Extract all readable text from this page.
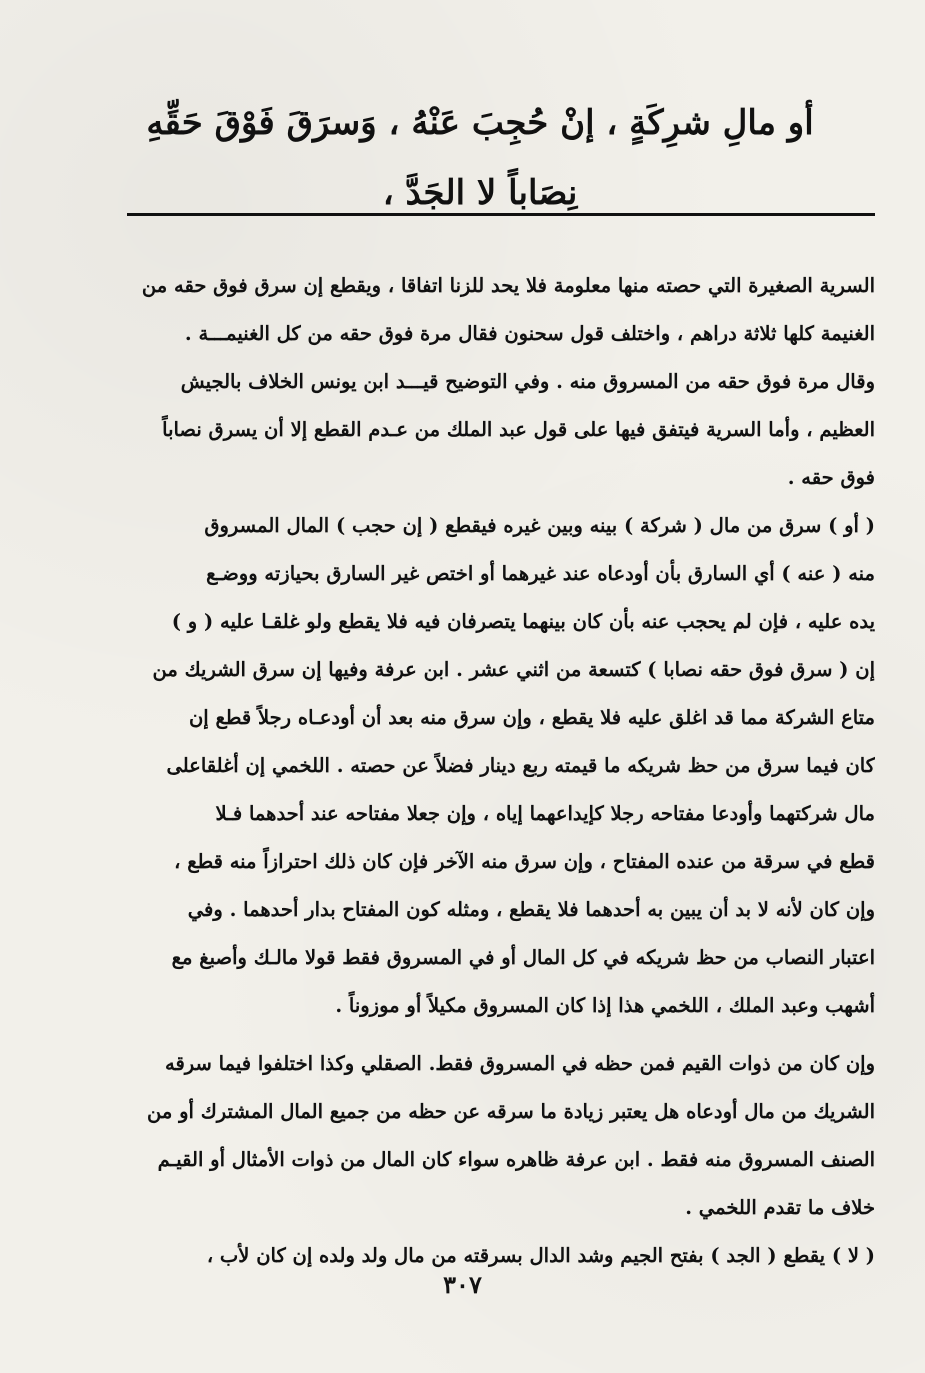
أو مالِ شرِكَةٍ ، إنْ حُجِبَ عَنْهُ ، وَسرَقَ فَوْقَ حَقِّهِ
نِصَاباً لا الجَدَّ ،
السرية الصغيرة التي حصته منها معلومة فلا يحد للزنا اتفاقا ، ويقطع إن سرق فوق حقه من
الغنيمة كلها ثلاثة دراهم ، واختلف قول سحنون فقال مرة فوق حقه من كل الغنيمـــة .
وقال مرة فوق حقه من المسروق منه . وفي التوضيح قيـــد ابن يونس الخلاف بالجيش
العظيم ، وأما السرية فيتفق فيها على قول عبد الملك من عـدم القطع إلا أن يسرق نصاباً
فوق حقه .
( أو ) سرق من مال ( شركة ) بينه وبين غيره فيقطع ( إن حجب ) المال المسروق
منه ( عنه ) أي السارق بأن أودعاه عند غيرهما أو اختص غير السارق بحيازته ووضـع
يده عليه ، فإن لم يحجب عنه بأن كان بينهما يتصرفان فيه فلا يقطع ولو غلقـا عليه ( و )
إن ( سرق فوق حقه نصابا ) كتسعة من اثني عشر . ابن عرفة وفيها إن سرق الشريك من
متاع الشركة مما قد اغلق عليه فلا يقطع ، وإن سرق منه بعد أن أودعـاه رجلاً قطع إن
كان فيما سرق من حظ شريكه ما قيمته ربع دينار فضلاً عن حصته . اللخمي إن أغلقاعلى
مال شركتهما وأودعا مفتاحه رجلا كإيداعهما إياه ، وإن جعلا مفتاحه عند أحدهما فـلا
قطع في سرقة من عنده المفتاح ، وإن سرق منه الآخر فإن كان ذلك احترازاً منه قطع ،
وإن كان لأنه لا بد أن يبين به أحدهما فلا يقطع ، ومثله كون المفتاح بدار أحدهما . وفي
اعتبار النصاب من حظ شريكه في كل المال أو في المسروق فقط قولا مالـك وأصبغ مع
أشهب وعبد الملك ، اللخمي هذا إذا كان المسروق مكيلاً أو موزوناً .
وإن كان من ذوات القيم فمن حظه في المسروق فقط. الصقلي وكذا اختلفوا فيما سرقه
الشريك من مال أودعاه هل يعتبر زيادة ما سرقه عن حظه من جميع المال المشترك أو من
الصنف المسروق منه فقط . ابن عرفة ظاهره سواء كان المال من ذوات الأمثال أو القيـم
خلاف ما تقدم اللخمي .
( لا ) يقطع ( الجد ) بفتح الجيم وشد الدال بسرقته من مال ولد ولده إن كان لأب ،
٣٠٧
